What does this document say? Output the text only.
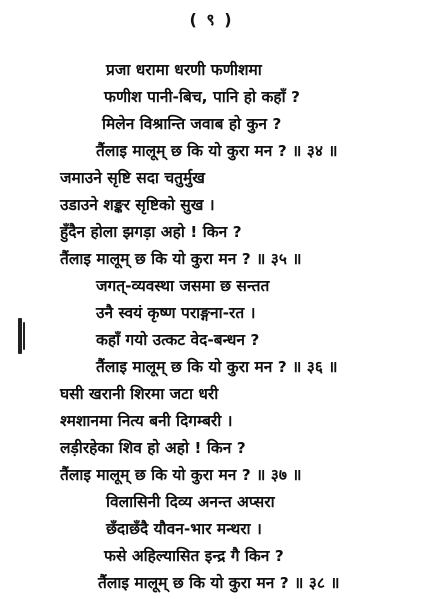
( ९ )
प्रजा धरामा धरणी फणीशमा
फणीश पानी-बिच, पानि हो कहाँ ?
मिलेन विश्रान्ति जवाब हो कुन ?
तैंलाइ मालूम् छ कि यो कुरा मन ? ॥ ३४ ॥
जमाउने सृष्टि सदा चतुर्मुख
उडाउने शङ्कर सृष्टिको सुख ।
हुँदैन होला झगड़ा अहो ! किन ?
तैंलाइ मालूम् छ कि यो कुरा मन ? ॥ ३५ ॥
जगत्-व्यवस्था जसमा छ सन्तत
उनै स्वयं कृष्ण पराङ्गना-रत ।
कहाँ गयो उत्कट वेद-बन्धन ?
तैंलाइ मालूम् छ कि यो कुरा मन ? ॥ ३६ ॥
घसी खरानी शिरमा जटा धरी
श्मशानमा नित्य बनी दिगम्बरी ।
लड़ीरहेका शिव हो अहो ! किन ?
तैंलाइ मालूम् छ कि यो कुरा मन ? ॥ ३७ ॥
विलासिनी दिव्य अनन्त अप्सरा
छँदाछँदै यौवन-भार मन्थरा ।
फसे अहिल्यासित इन्द्र गै किन ?
तैंलाइ मालूम् छ कि यो कुरा मन ? ॥ ३८ ॥
